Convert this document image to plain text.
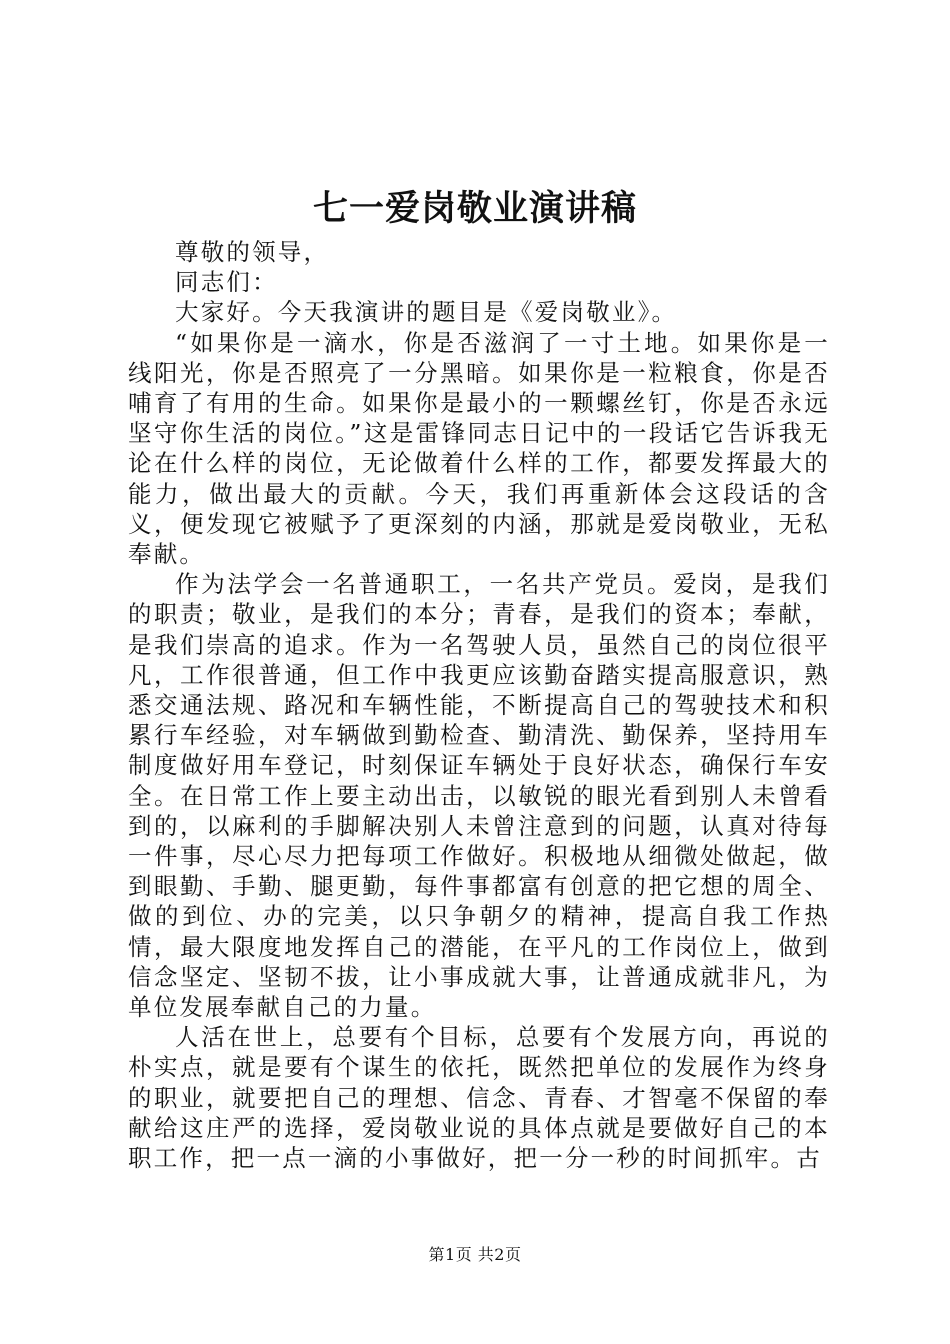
七一爱岗敬业演讲稿

尊敬的领导，

同志们：

大家好。今天我演讲的题目是《爱岗敬业》。

“如果你是一滴水，你是否滋润了一寸土地。如果你是一线阳光，你是否照亮了一分黑暗。如果你是一粒粮食，你是否哺育了有用的生命。如果你是最小的一颗螺丝钉，你是否永远坚守你生活的岗位。”这是雷锋同志日记中的一段话它告诉我无论在什么样的岗位，无论做着什么样的工作，都要发挥最大的能力，做出最大的贡献。今天，我们再重新体会这段话的含义，便发现它被赋予了更深刻的内涵，那就是爱岗敬业，无私奉献。

作为法学会一名普通职工，一名共产党员。爱岗，是我们的职责；敬业，是我们的本分；青春，是我们的资本；奉献，是我们崇高的追求。作为一名驾驶人员，虽然自己的岗位很平凡，工作很普通，但工作中我更应该勤奋踏实提高服意识，熟悉交通法规、路况和车辆性能，不断提高自己的驾驶技术和积累行车经验，对车辆做到勤检查、勤清洗、勤保养，坚持用车制度做好用车登记，时刻保证车辆处于良好状态，确保行车安全。在日常工作上要主动出击，以敏锐的眼光看到别人未曾看到的，以麻利的手脚解决别人未曾注意到的问题，认真对待每一件事，尽心尽力把每项工作做好。积极地从细微处做起，做到眼勤、手勤、腿更勤，每件事都富有创意的把它想的周全、做的到位、办的完美，以只争朝夕的精神，提高自我工作热情，最大限度地发挥自己的潜能，在平凡的工作岗位上，做到信念坚定、坚韧不拔，让小事成就大事，让普通成就非凡，为单位发展奉献自己的力量。

人活在世上，总要有个目标，总要有个发展方向，再说的朴实点，就是要有个谋生的依托，既然把单位的发展作为终身的职业，就要把自己的理想、信念、青春、才智毫不保留的奉献给这庄严的选择，爱岗敬业说的具体点就是要做好自己的本职工作，把一点一滴的小事做好，把一分一秒的时间抓牢。古

第1页 共2页
